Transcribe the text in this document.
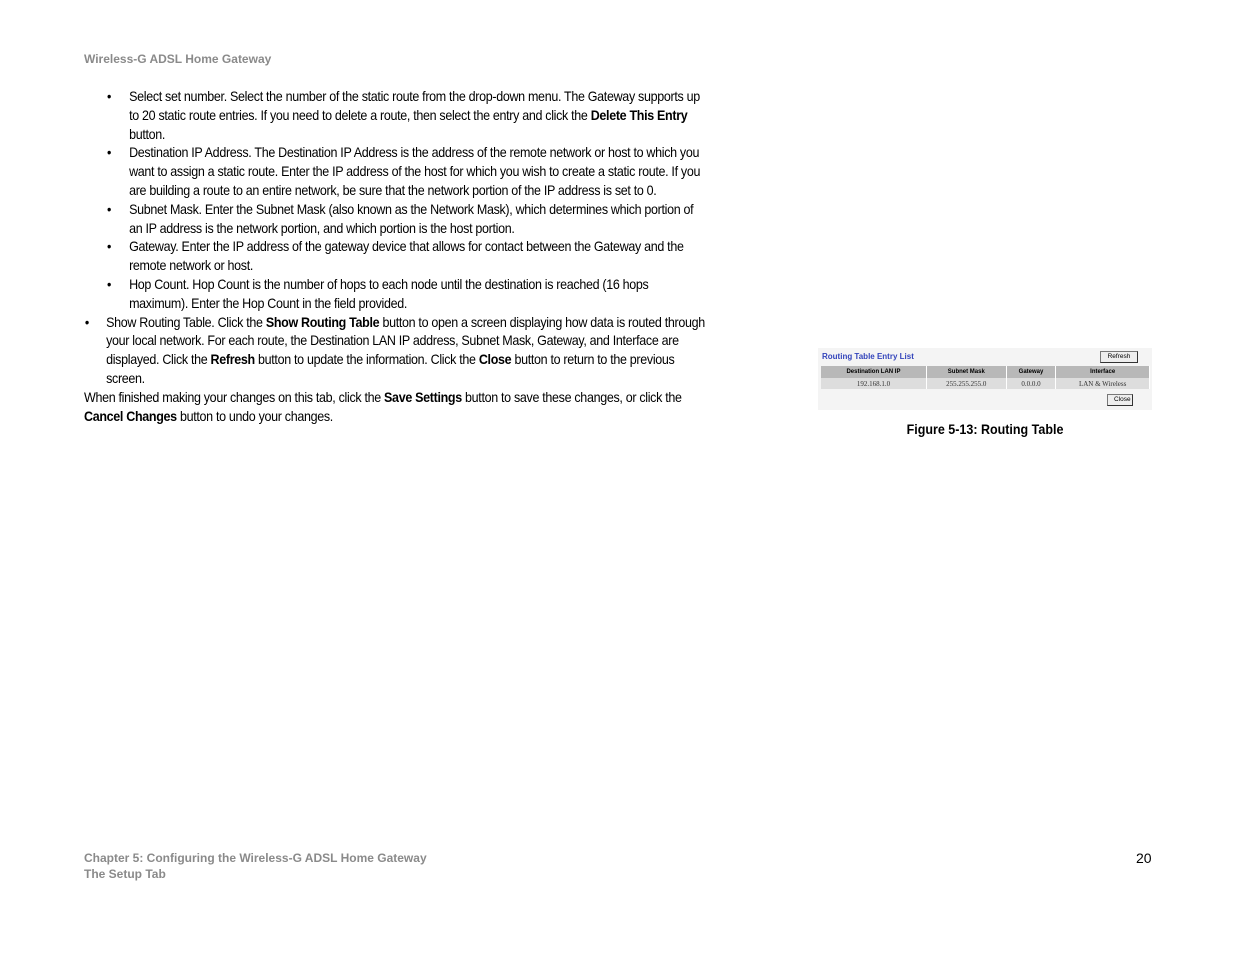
Wireless-G ADSL Home Gateway

• Select set number. Select the number of the static route from the drop-down menu. The Gateway supports up to 20 static route entries. If you need to delete a route, then select the entry and click the Delete This Entry button.

• Destination IP Address. The Destination IP Address is the address of the remote network or host to which you want to assign a static route. Enter the IP address of the host for which you wish to create a static route. If you are building a route to an entire network, be sure that the network portion of the IP address is set to 0.

• Subnet Mask. Enter the Subnet Mask (also known as the Network Mask), which determines which portion of an IP address is the network portion, and which portion is the host portion.

• Gateway. Enter the IP address of the gateway device that allows for contact between the Gateway and the remote network or host.

• Hop Count. Hop Count is the number of hops to each node until the destination is reached (16 hops maximum). Enter the Hop Count in the field provided.

• Show Routing Table. Click the Show Routing Table button to open a screen displaying how data is routed through your local network. For each route, the Destination LAN IP address, Subnet Mask, Gateway, and Interface are displayed. Click the Refresh button to update the information. Click the Close button to return to the previous screen.

When finished making your changes on this tab, click the Save Settings button to save these changes, or click the Cancel Changes button to undo your changes.

Routing Table Entry List	Refresh
Destination LAN IP	Subnet Mask	Gateway	Interface
192.168.1.0	255.255.255.0	0.0.0.0	LAN & Wireless
Close
Figure 5-13: Routing Table
Chapter 5: Configuring the Wireless-G ADSL Home Gateway
The Setup Tab
20
